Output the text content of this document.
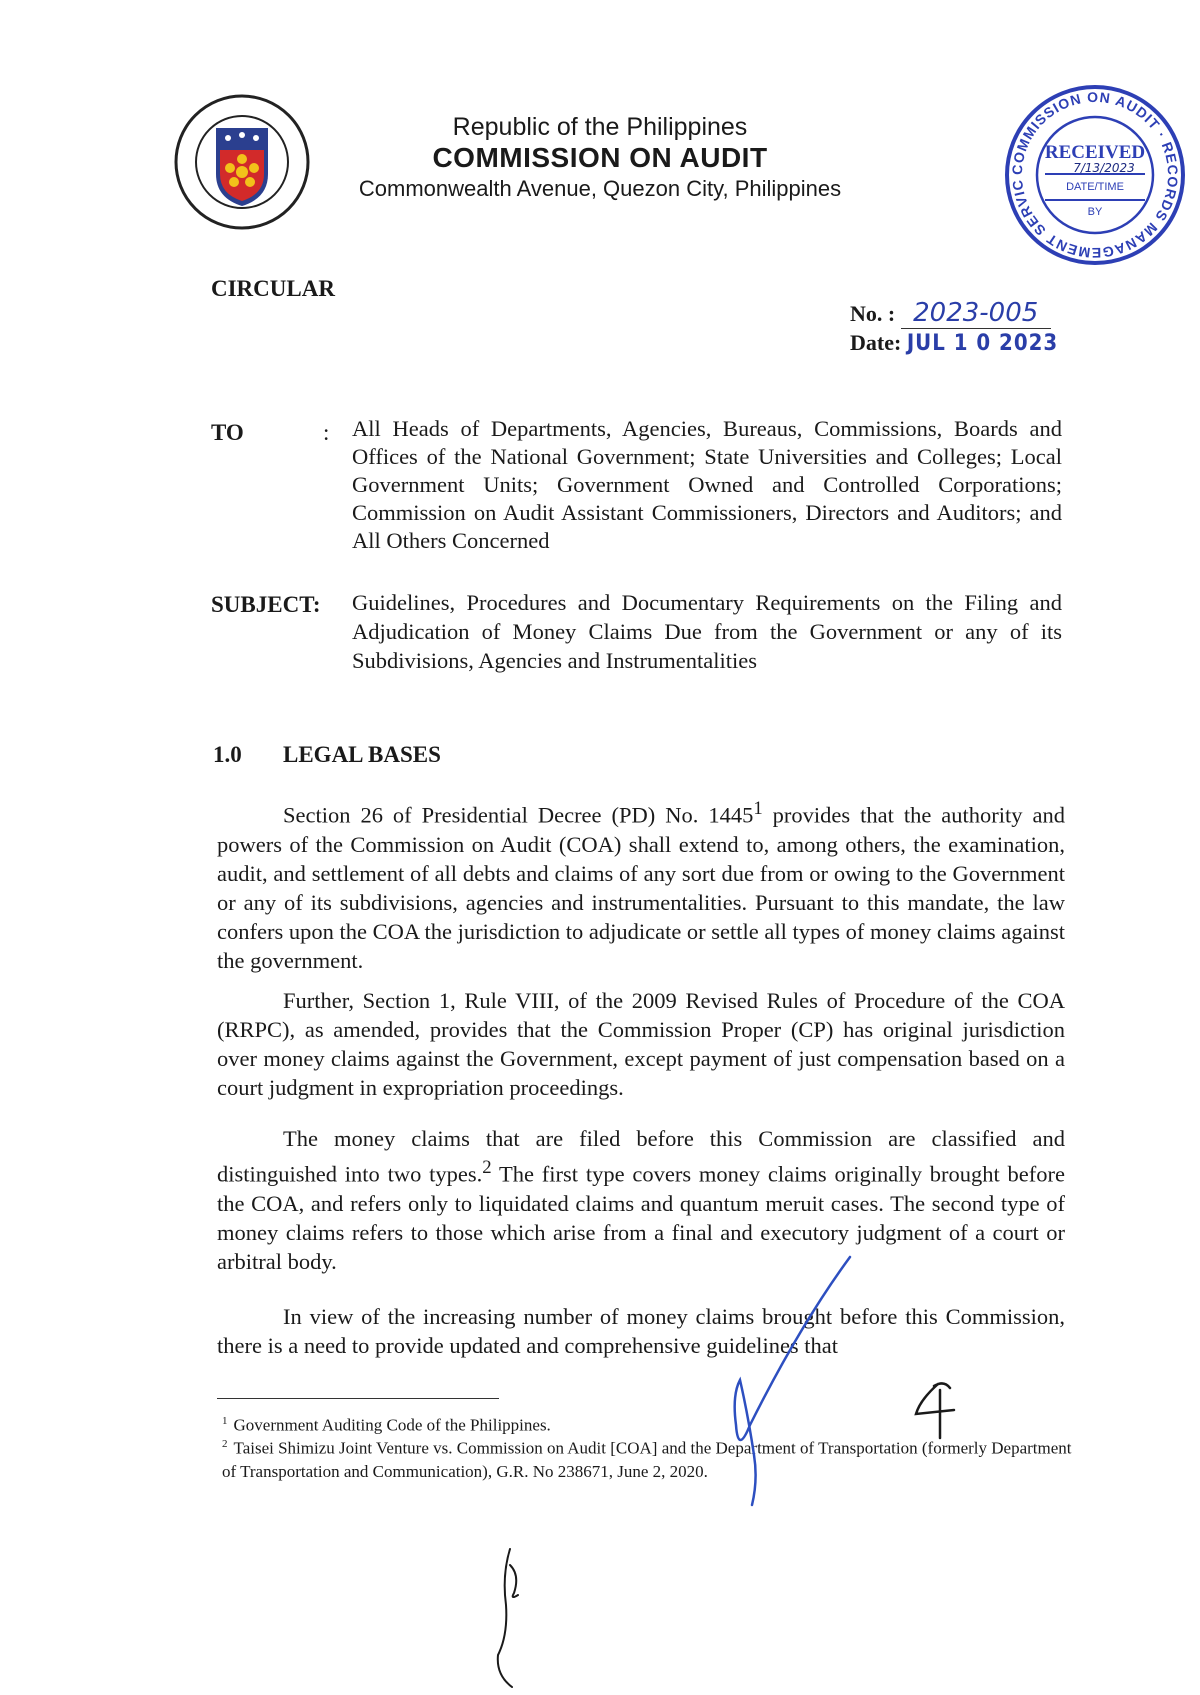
Republic of the Philippines
COMMISSION ON AUDIT
Commonwealth Avenue, Quezon City, Philippines
RECEIVED
7/13/2023
DATE/TIME
BY
COMMISSION ON AUDIT · RECORDS MANAGEMENT SERVIC
CIRCULAR
No. : 2023-005
Date: JUL 1 0 2023
TO	: All Heads of Departments, Agencies, Bureaus, Commissions, Boards and Offices of the National Government; State Universities and Colleges; Local Government Units; Government Owned and Controlled Corporations; Commission on Audit Assistant Commissioners, Directors and Auditors; and All Others Concerned
SUBJECT: Guidelines, Procedures and Documentary Requirements on the Filing and Adjudication of Money Claims Due from the Government or any of its Subdivisions, Agencies and Instrumentalities
1.0 LEGAL BASES
Section 26 of Presidential Decree (PD) No. 1445$^1$ provides that the authority and powers of the Commission on Audit (COA) shall extend to, among others, the examination, audit, and settlement of all debts and claims of any sort due from or owing to the Government or any of its subdivisions, agencies and instrumentalities. Pursuant to this mandate, the law confers upon the COA the jurisdiction to adjudicate or settle all types of money claims against the government.
Further, Section 1, Rule VIII, of the 2009 Revised Rules of Procedure of the COA (RRPC), as amended, provides that the Commission Proper (CP) has original jurisdiction over money claims against the Government, except payment of just compensation based on a court judgment in expropriation proceedings.
The money claims that are filed before this Commission are classified and distinguished into two types.$^2$ The first type covers money claims originally brought before the COA, and refers only to liquidated claims and quantum meruit cases. The second type of money claims refers to those which arise from a final and executory judgment of a court or arbitral body.
In view of the increasing number of money claims brought before this Commission, there is a need to provide updated and comprehensive guidelines that
$^1$ Government Auditing Code of the Philippines.
$^2$ Taisei Shimizu Joint Venture vs. Commission on Audit [COA] and the Department of Transportation (formerly Department of Transportation and Communication), G.R. No 238671, June 2, 2020.
